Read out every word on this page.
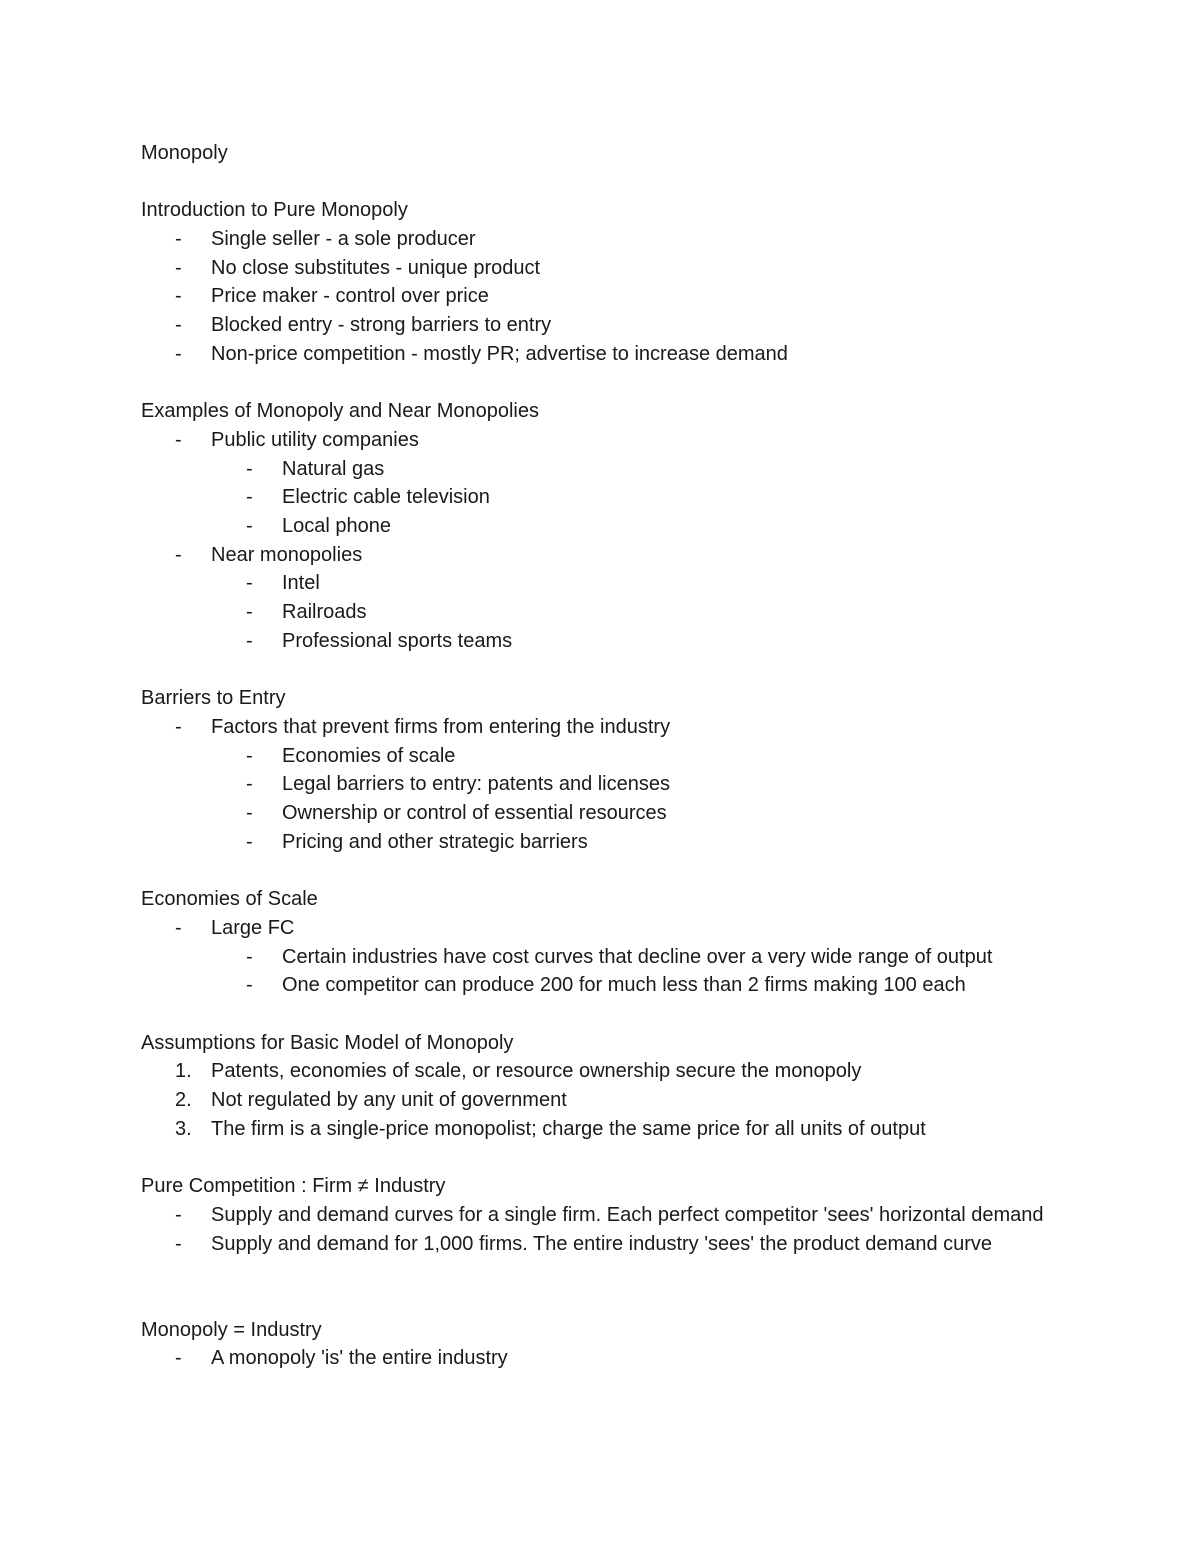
Monopoly
Introduction to Pure Monopoly
- Single seller - a sole producer
- No close substitutes - unique product
- Price maker - control over price
- Blocked entry - strong barriers to entry
- Non-price competition - mostly PR; advertise to increase demand
Examples of Monopoly and Near Monopolies
- Public utility companies
- Natural gas
- Electric cable television
- Local phone
- Near monopolies
- Intel
- Railroads
- Professional sports teams
Barriers to Entry
- Factors that prevent firms from entering the industry
- Economies of scale
- Legal barriers to entry: patents and licenses
- Ownership or control of essential resources
- Pricing and other strategic barriers
Economies of Scale
- Large FC
- Certain industries have cost curves that decline over a very wide range of output
- One competitor can produce 200 for much less than 2 firms making 100 each
Assumptions for Basic Model of Monopoly
1. Patents, economies of scale, or resource ownership secure the monopoly
2. Not regulated by any unit of government
3. The firm is a single-price monopolist; charge the same price for all units of output
Pure Competition : Firm ≠ Industry
- Supply and demand curves for a single firm. Each perfect competitor 'sees' horizontal demand
- Supply and demand for 1,000 firms. The entire industry 'sees' the product demand curve
Monopoly = Industry
- A monopoly 'is' the entire industry
